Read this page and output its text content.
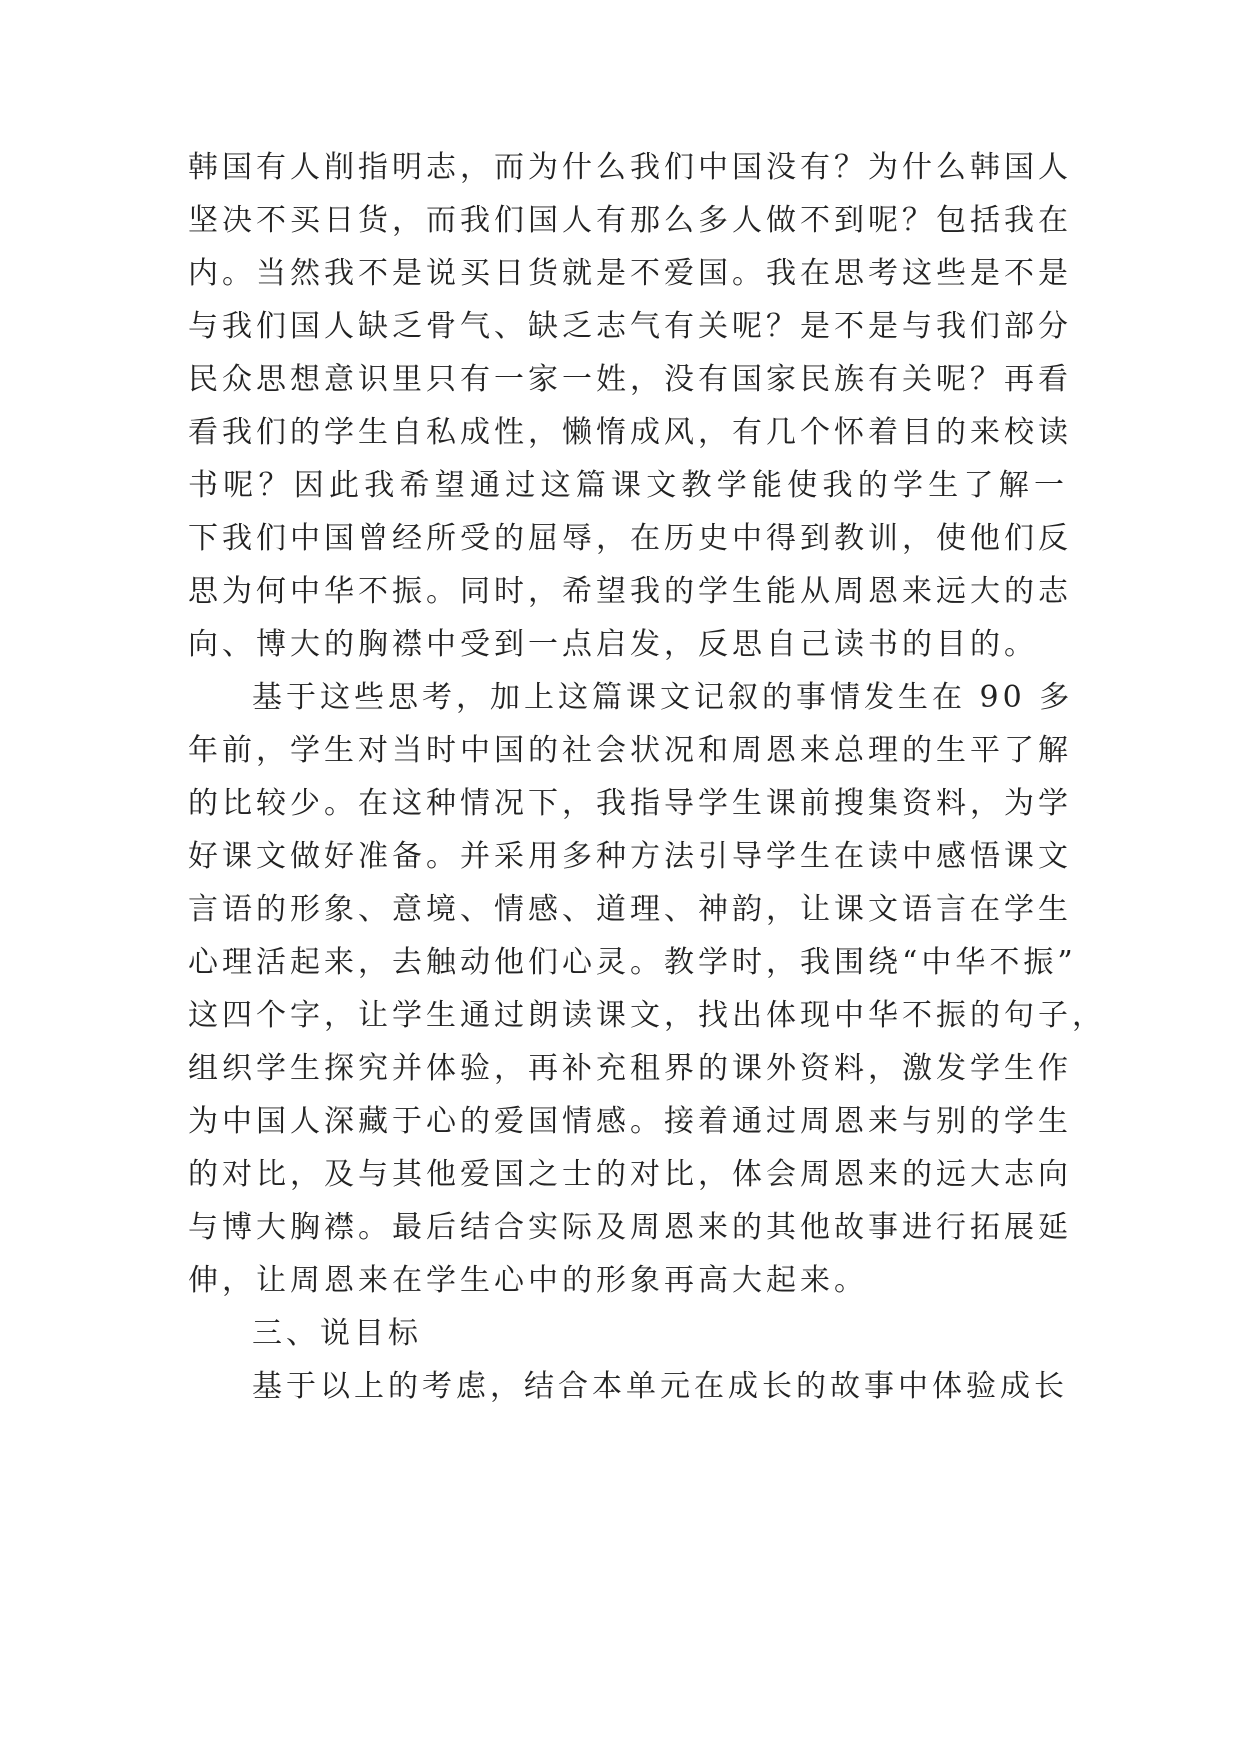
韩国有人削指明志，而为什么我们中国没有？为什么韩国人
坚决不买日货，而我们国人有那么多人做不到呢？包括我在
内。当然我不是说买日货就是不爱国。我在思考这些是不是
与我们国人缺乏骨气、缺乏志气有关呢？是不是与我们部分
民众思想意识里只有一家一姓，没有国家民族有关呢？再看
看我们的学生自私成性，懒惰成风，有几个怀着目的来校读
书呢？因此我希望通过这篇课文教学能使我的学生了解一
下我们中国曾经所受的屈辱，在历史中得到教训，使他们反
思为何中华不振。同时，希望我的学生能从周恩来远大的志
向、博大的胸襟中受到一点启发，反思自己读书的目的。
基于这些思考，加上这篇课文记叙的事情发生在 90 多
年前，学生对当时中国的社会状况和周恩来总理的生平了解
的比较少。在这种情况下，我指导学生课前搜集资料，为学
好课文做好准备。并采用多种方法引导学生在读中感悟课文
言语的形象、意境、情感、道理、神韵，让课文语言在学生
心理活起来，去触动他们心灵。教学时，我围绕“中华不振”
这四个字，让学生通过朗读课文，找出体现中华不振的句子，
组织学生探究并体验，再补充租界的课外资料，激发学生作
为中国人深藏于心的爱国情感。接着通过周恩来与别的学生
的对比，及与其他爱国之士的对比，体会周恩来的远大志向
与博大胸襟。最后结合实际及周恩来的其他故事进行拓展延
伸，让周恩来在学生心中的形象再高大起来。
三、说目标
基于以上的考虑，结合本单元在成长的故事中体验成长
